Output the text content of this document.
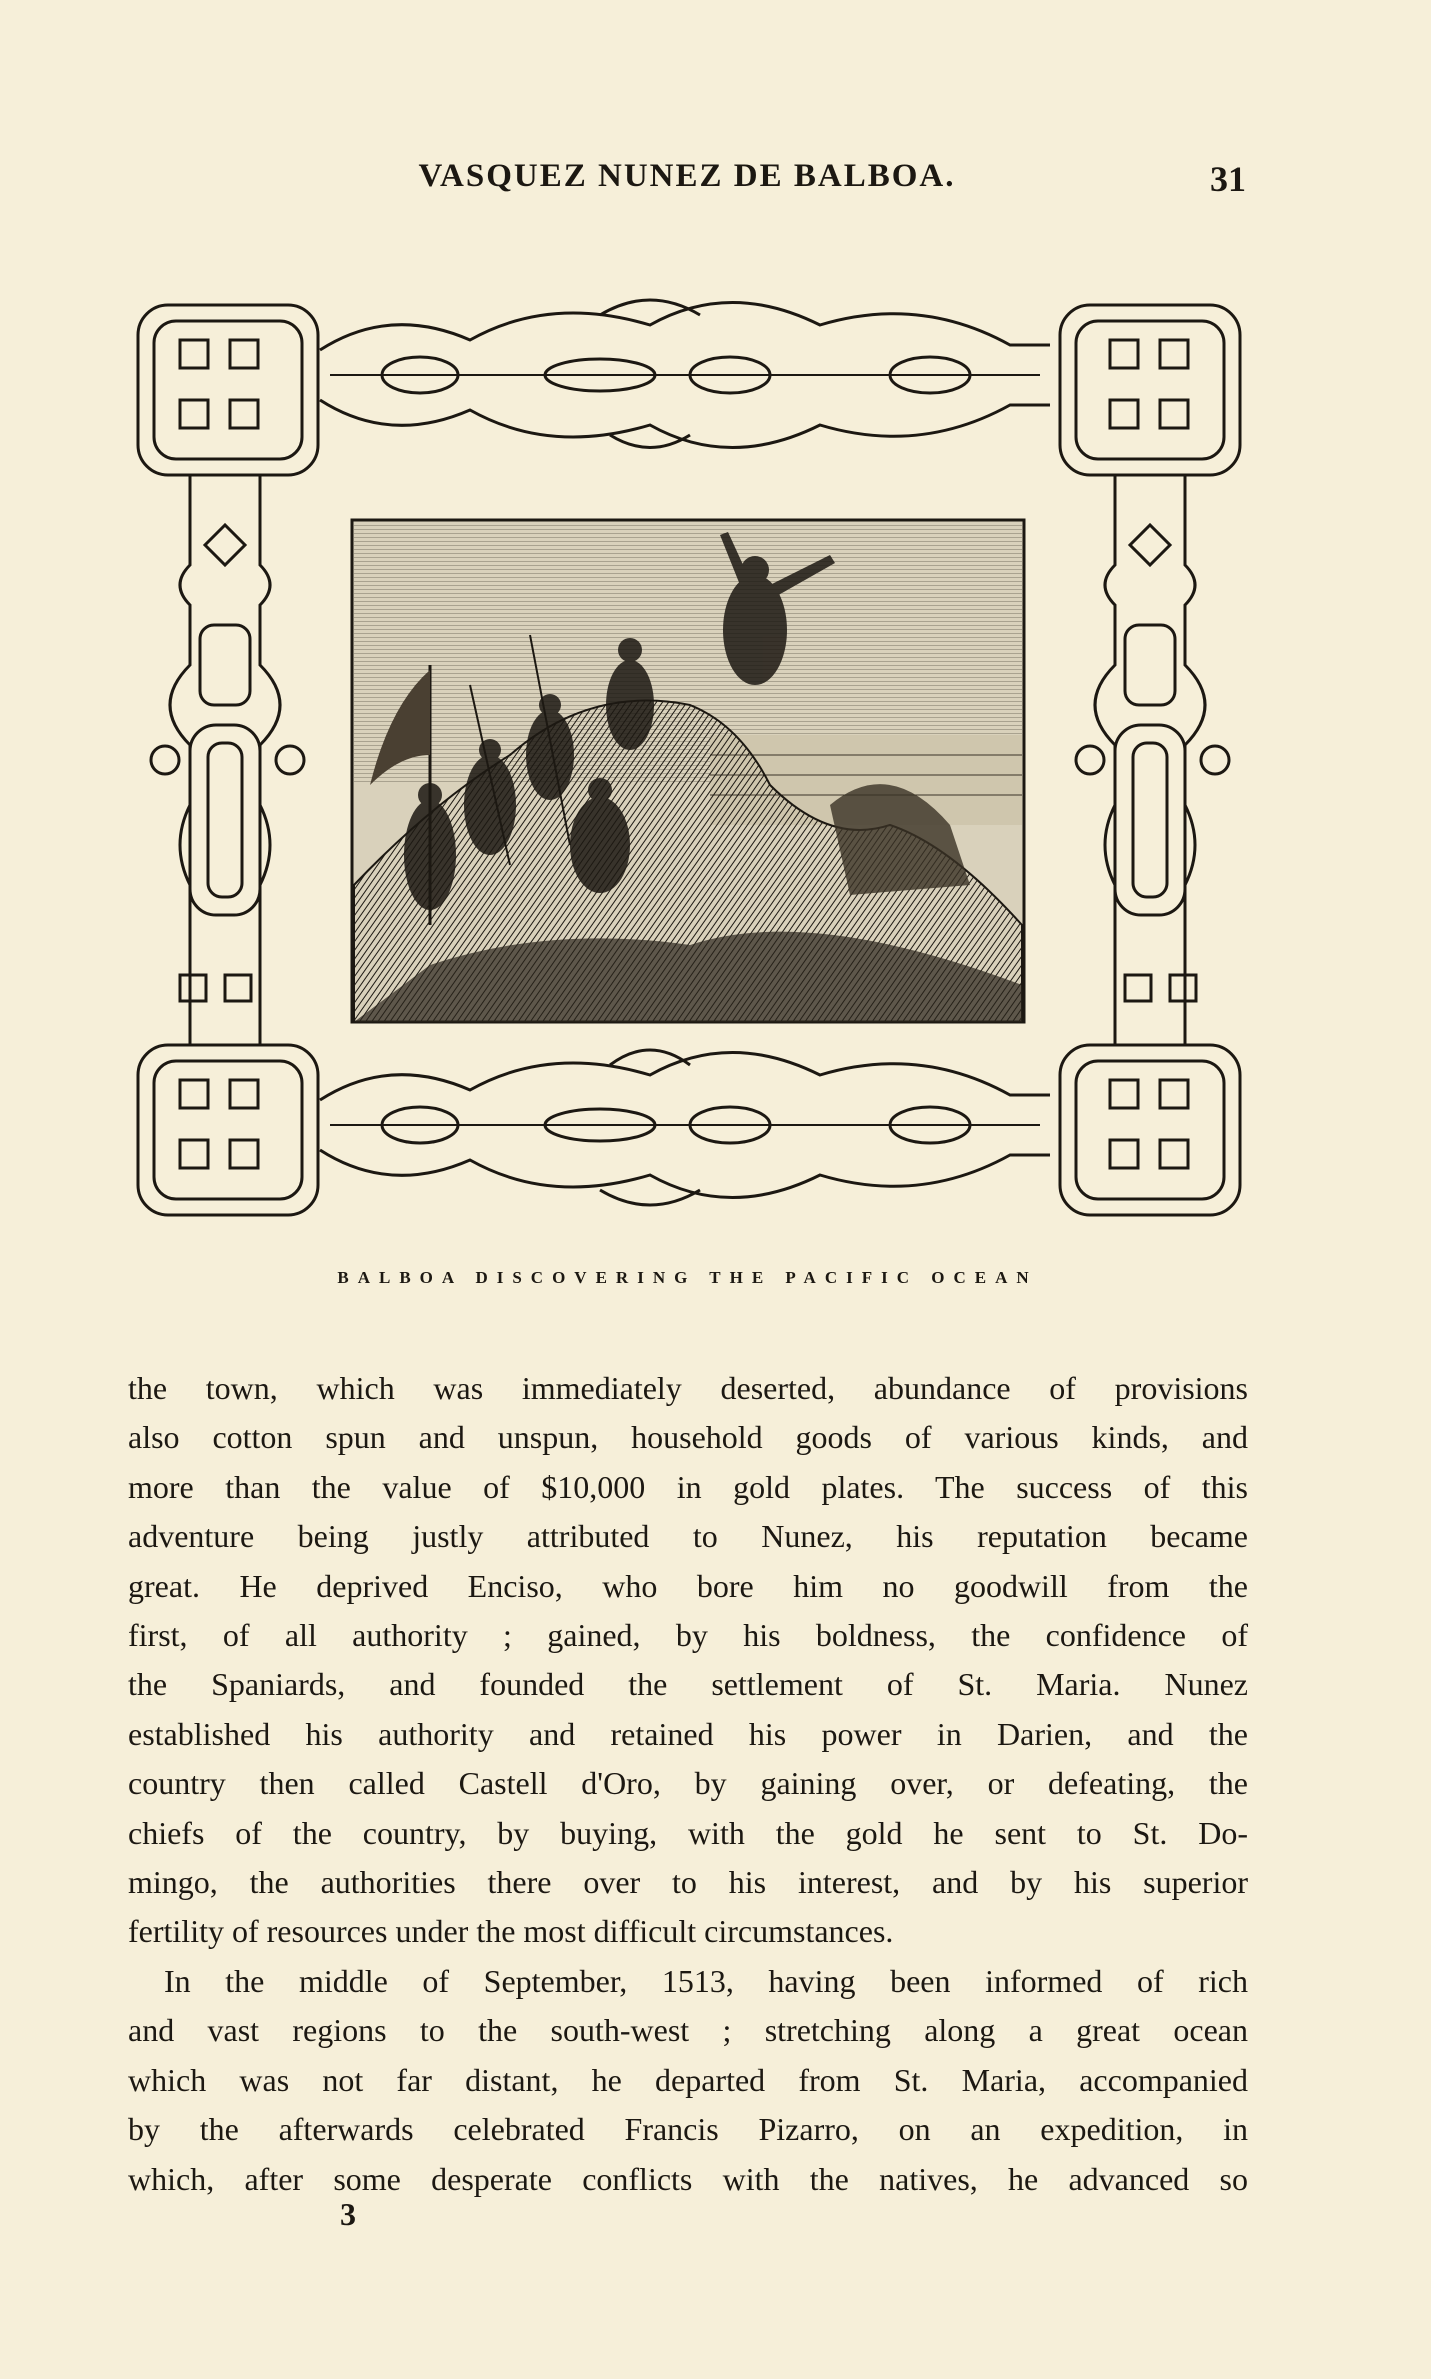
VASQUEZ NUNEZ DE BALBOA.	31
BALBOA DISCOVERING THE PACIFIC OCEAN
the town, which was immediately deserted, abundance of provisions
also cotton spun and unspun, household goods of various kinds, and
more than the value of $10,000 in gold plates. The success of this
adventure being justly attributed to Nunez, his reputation became
great. He deprived Enciso, who bore him no goodwill from the
first, of all authority ; gained, by his boldness, the confidence of
the Spaniards, and founded the settlement of St. Maria. Nunez
established his authority and retained his power in Darien, and the
country then called Castell d'Oro, by gaining over, or defeating, the
chiefs of the country, by buying, with the gold he sent to St. Do-
mingo, the authorities there over to his interest, and by his superior
fertility of resources under the most difficult circumstances.
In the middle of September, 1513, having been informed of rich
and vast regions to the south-west ; stretching along a great ocean
which was not far distant, he departed from St. Maria, accompanied
by the afterwards celebrated Francis Pizarro, on an expedition, in
which, after some desperate conflicts with the natives, he advanced so
3
